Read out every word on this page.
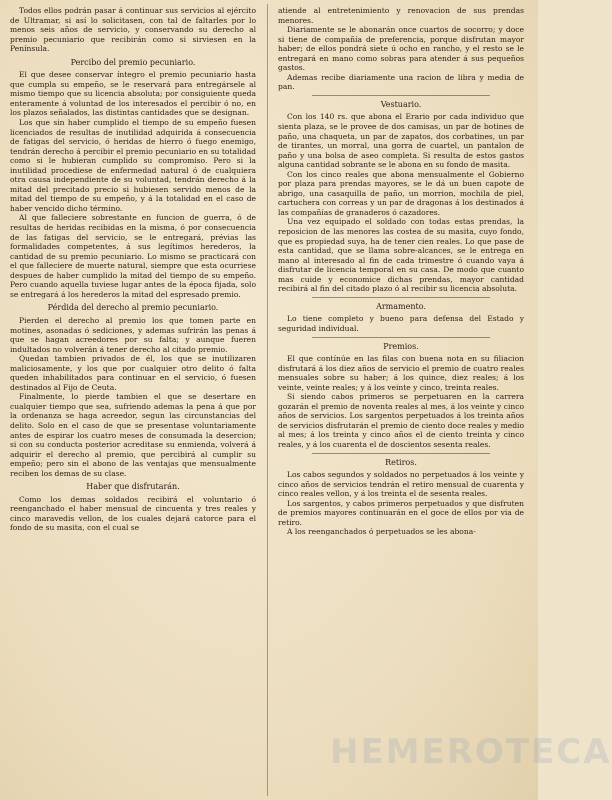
Todos ellos podrán pasar á continuar sus servicios al ejército de Ultramar, si así lo solicitasen, con tal de faltarles por lo menos seis años de servicio, y conservando su derecho al premio pecuniario que recibirán como si sirviesen en la Península.

Percibo del premio pecuniario.

El que desee conservar íntegro el premio pecuniario hasta que cumpla su empeño, se le reservará para entregársele al mismo tiempo que su licencia absoluta; por consiguiente queda enteramente á voluntad de los interesados el percibir ó no, en los plazos señalados, las distintas cantidades que se designan.

Los que sin haber cumplido el tiempo de su empeño fuesen licenciados de resultas de inutilidad adquirida á consecuencia de fatigas del servicio, ó heridas de hierro ó fuego enemigo, tendrán derecho á percibir el premio pecuniario en su totalidad como si le hubieran cumplido su compromiso. Pero si la inutilidad procediese de enfermedad natural ó de cualquiera otra causa independiente de su voluntad, tendrán derecho á la mitad del precitado precio si hubiesen servido menos de la mitad del tiempo de su empeño, y á la totalidad en el caso de haber vencido dicho término.

Al que falleciere sobrestante en funcion de guerra, ó de resultas de heridas recibidas en la misma, ó por consecuencia de las fatigas del servicio, se le entregará, prévias las formalidades competentes, á sus legítimos herederos, la cantidad de su premio pecuniario. Lo mismo se practicará con el que falleciere de muerte natural, siempre que esta ocurriese despues de haber cumplido la mitad del tiempo de su empeño. Pero cuando aquella tuviese lugar antes de la época fijada, solo se entregará á los herederos la mitad del espresado premio.

Pérdida del derecho al premio pecuniario.

Pierden el derecho al premio los que tomen parte en motines, asonadas ó sediciones, y ademas sufrirán las penas á que se hagan acreedores por su falta; y aunque fueren indultados no volverán á tener derecho al citado premio.

Quedan tambien privados de él, los que se inutilizaren maliciosamente, y los que por cualquier otro delito ó falta queden inhabilitados para continuar en el servicio, ó fuesen destinados al Fijo de Ceuta.

Finalmente, lo pierde tambien el que se desertare en cualquier tiempo que sea, sufriendo ademas la pena á que por la ordenanza se haga acreedor, segun las circunstancias del delito. Solo en el caso de que se presentase voluntariamente antes de espirar los cuatro meses de consumada la desercion; si con su conducta posterior acreditase su enmienda, volverá á adquirir el derecho al premio, que percibirá al cumplir su empeño; pero sin el abono de las ventajas que mensualmente reciben los demas de su clase.

Haber que disfrutarán.

Como los demas soldados recibirá el voluntario ó reenganchado el haber mensual de cincuenta y tres reales y cinco maravedis vellon, de los cuales dejará catorce para el fondo de su masita, con el cual se

atiende al entretenimiento y renovacion de sus prendas menores.

Diariamente se le abonarán once cuartos de socorro; y doce si tiene de compañía de preferencia, porque disfrutan mayor haber; de ellos pondrá siete ú ocho en rancho, y el resto se le entregará en mano como sobras para atender á sus pequeños gastos.

Ademas recibe diariamente una racion de libra y media de pan.

Vestuario.

Con los 140 rs. que abona el Erario por cada individuo que sienta plaza, se le provee de dos camisas, un par de botines de paño, una chaqueta, un par de zapatos, dos corbatines, un par de tirantes, un morral, una gorra de cuartel, un pantalon de paño y una bolsa de aseo completa. Si resulta de estos gastos alguna cantidad sobrante se le abona en su fondo de masita.

Con los cinco reales que abona mensualmente el Gobierno por plaza para prendas mayores, se le dá un buen capote de abrigo, una casaquilla de paño, un morrion, mochila de piel, cartuchera con correas y un par de dragonas á los destinados á las compañías de granaderos ó cazadores.

Una vez equipado el soldado con todas estas prendas, la reposicion de las menores las costea de su masita, cuyo fondo, que es propiedad suya, ha de tener cien reales. Lo que pase de esta cantidad, que se llama sobre-alcances, se le entrega en mano al interesado al fin de cada trimestre ó cuando vaya á disfrutar de licencia temporal en su casa. De modo que cuanto mas cuide y economice dichas prendas, mayor cantidad recibirá al fin del citado plazo ó al recibir su licencia absoluta.

Armamento.

Lo tiene completo y bueno para defensa del Estado y seguridad individual.

Premios.

El que contínúe en las filas con buena nota en su filiacion disfrutará á los diez años de servicio el premio de cuatro reales mensuales sobre su haber; á los quince, diez reales; á los veinte, veinte reales; y á los veinte y cinco, treinta reales.

Si siendo cabos primeros se perpetuaren en la carrera gozarán el premio de noventa reales al mes, á los veinte y cinco años de servicios. Los sargentos perpetuados á los treinta años de servicios disfrutarán el premio de ciento doce reales y medio al mes; á los treinta y cinco años el de ciento treinta y cinco reales, y á los cuarenta el de doscientos sesenta reales.

Retiros.

Los cabos segundos y soldados no perpetuados á los veinte y cinco años de servicios tendrán el retiro mensual de cuarenta y cinco reales vellon, y á los treinta el de sesenta reales.

Los sargentos, y cabos primeros perpetuados y que disfruten de premios mayores continuarán en el goce de ellos por via de retiro.

A los reenganchados ó perpetuados se les abona-

HEMEROTECA
